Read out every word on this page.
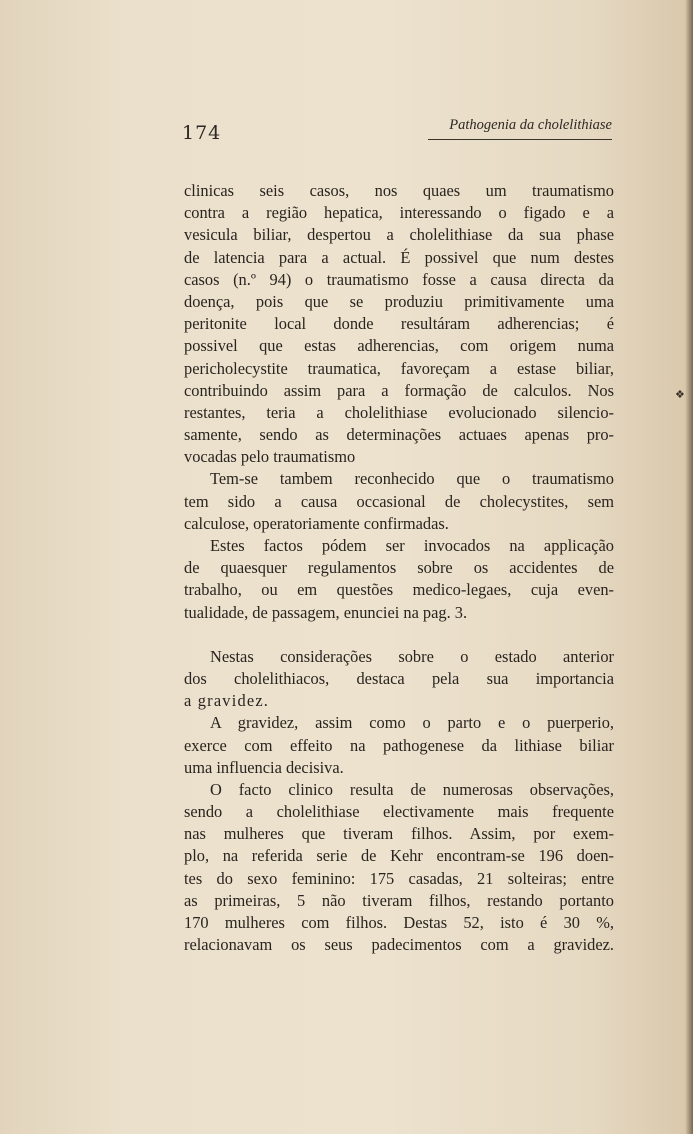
174	Pathogenia da cholelithiase
clinicas seis casos, nos quaes um traumatismo
contra a região hepatica, interessando o figado e a
vesicula biliar, despertou a cholelithiase da sua phase
de latencia para a actual. É possivel que num destes
casos (n.º 94) o traumatismo fosse a causa directa da
doença, pois que se produziu primitivamente uma
peritonite local donde resultáram adherencias; é
possivel que estas adherencias, com origem numa
pericholecystite traumatica, favoreçam a estase biliar,
contribuindo assim para a formação de calculos. Nos
restantes, teria a cholelithiase evolucionado silencio-
samente, sendo as determinações actuaes apenas pro-
vocadas pelo traumatismo
Tem-se tambem reconhecido que o traumatismo
tem sido a causa occasional de cholecystites, sem
calculose, operatoriamente confirmadas.
Estes factos pódem ser invocados na applicação
de quaesquer regulamentos sobre os accidentes de
trabalho, ou em questões medico-legaes, cuja even-
tualidade, de passagem, enunciei na pag. 3.
Nestas considerações sobre o estado anterior
dos cholelithiacos, destaca pela sua importancia
a gravidez.
A gravidez, assim como o parto e o puerperio,
exerce com effeito na pathogenese da lithiase biliar
uma influencia decisiva.
O facto clinico resulta de numerosas observações,
sendo a cholelithiase electivamente mais frequente
nas mulheres que tiveram filhos. Assim, por exem-
plo, na referida serie de Kehr encontram-se 196 doen-
tes do sexo feminino: 175 casadas, 21 solteiras; entre
as primeiras, 5 não tiveram filhos, restando portanto
170 mulheres com filhos. Destas 52, isto é 30 %,
relacionavam os seus padecimentos com a gravidez.
❖
